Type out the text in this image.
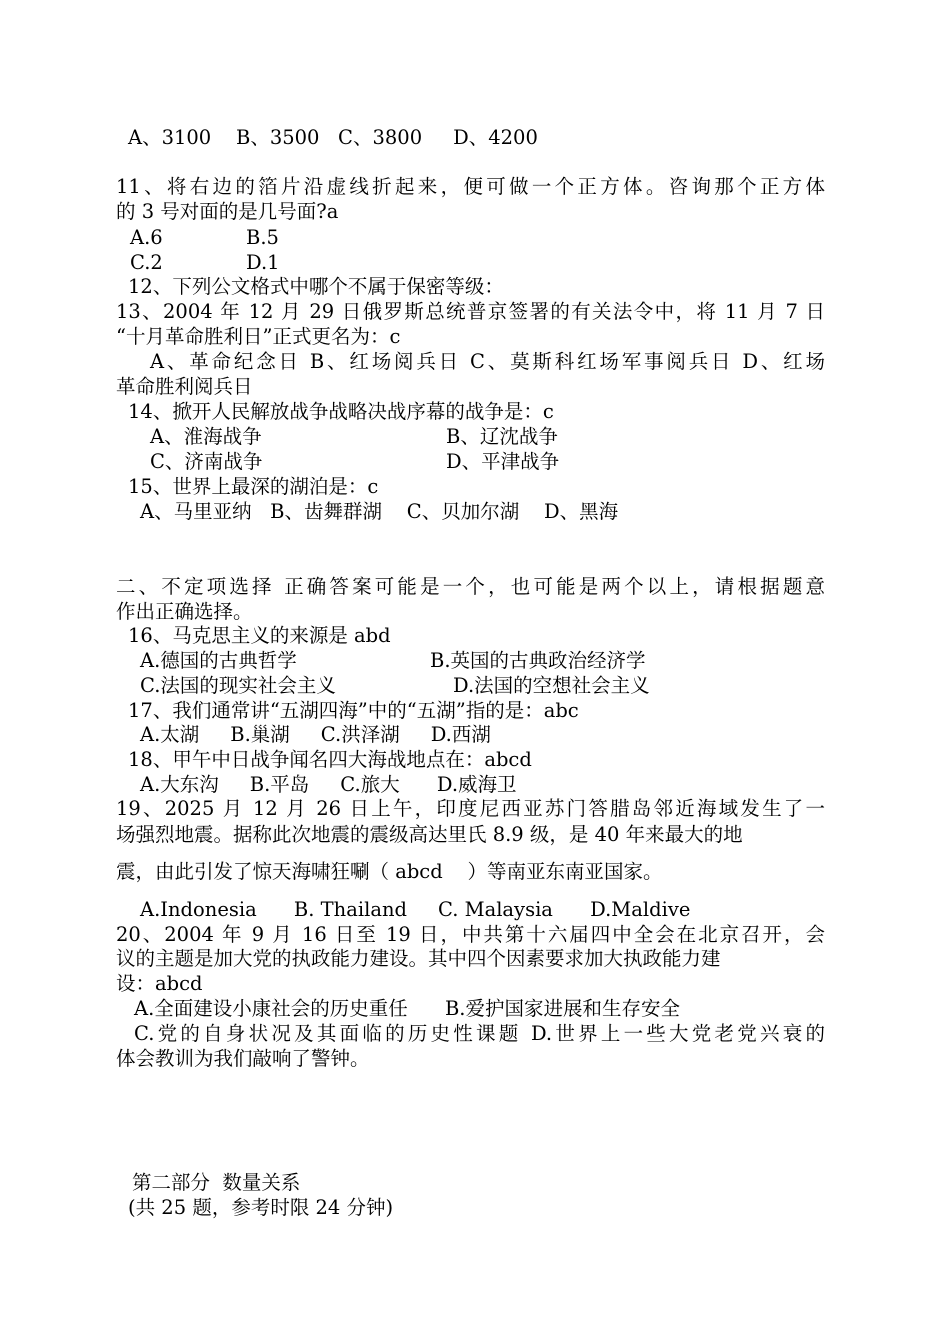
A、3100    B、3500   C、3800     D、4200
11、将右边的箔片沿虚线折起来，便可做一个正方体。咨询那个正方体
的 3 号对面的是几号面?a
A.6	B.5
C.2	D.1
12、下列公文格式中哪个不属于保密等级：
13、2004 年 12 月 29 日俄罗斯总统普京签署的有关法令中，将 11 月 7 日
“十月革命胜利日”正式更名为：c
A、革命纪念日 B、红场阅兵日 C、莫斯科红场军事阅兵日 D、红场
革命胜利阅兵日
14、掀开人民解放战争战略决战序幕的战争是：c
A、淮海战争	B、辽沈战争
C、济南战争	D、平津战争
15、世界上最深的湖泊是：c
A、马里亚纳   B、齿舞群湖    C、贝加尔湖    D、黑海
二、不定项选择 正确答案可能是一个，也可能是两个以上，请根据题意
作出正确选择。
16、马克思主义的来源是 abd
A.德国的古典哲学	B.英国的古典政治经济学
C.法国的现实社会主义	D.法国的空想社会主义
17、我们通常讲“五湖四海”中的“五湖”指的是：abc
A.太湖     B.巢湖     C.洪泽湖     D.西湖
18、甲午中日战争闻名四大海战地点在：abcd
A.大东沟     B.平岛     C.旅大      D.威海卫
19、2025 月 12 月 26 日上午，印度尼西亚苏门答腊岛邻近海域发生了一
场强烈地震。据称此次地震的震级高达里氏 8.9 级，是 40 年来最大的地
震，由此引发了惊天海啸狂唰（ abcd    ）等南亚东南亚国家。
A.Indonesia      B. Thailand     C. Malaysia      D.Maldive
20、2004 年 9 月 16 日至 19 日，中共第十六届四中全会在北京召开，会
议的主题是加大党的执政能力建设。其中四个因素要求加大执政能力建
设：abcd
A.全面建设小康社会的历史重任      B.爱护国家进展和生存安全
C.党的自身状况及其面临的历史性课题 D.世界上一些大党老党兴衰的
体会教训为我们敲响了警钟。
第二部分  数量关系
(共 25 题，参考时限 24 分钟)
